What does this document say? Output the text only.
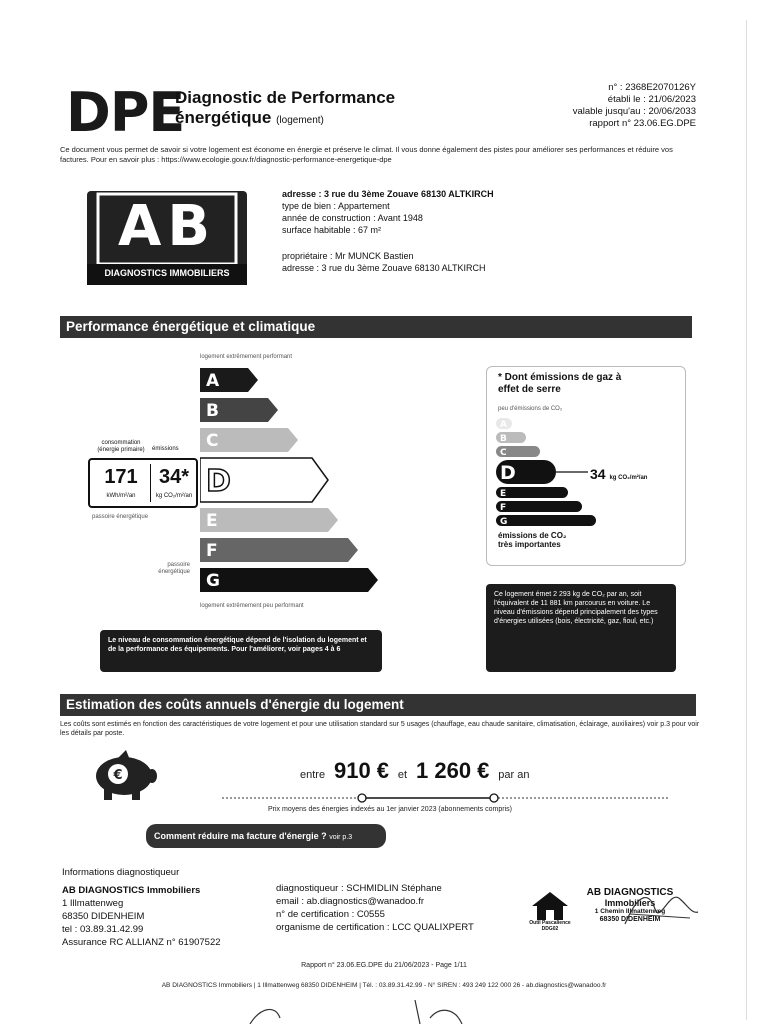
DPE
Diagnostic de Performance
énergétique (logement)
n° : 2368E2070126Y
établi le : 21/06/2023
valable jusqu'au : 20/06/2033
rapport n° 23.06.EG.DPE
Ce document vous permet de savoir si votre logement est économe en énergie et préserve le climat. Il vous donne également des pistes pour améliorer ses performances et réduire vos factures. Pour en savoir plus : https://www.ecologie.gouv.fr/diagnostic-performance-energetique-dpe
AB
DIAGNOSTICS IMMOBILIERS
adresse : 3 rue du 3ème Zouave 68130 ALTKIRCH
type de bien : Appartement
année de construction : Avant 1948
surface habitable : 67 m²
propriétaire : Mr MUNCK Bastien
adresse : 3 rue du 3ème Zouave 68130 ALTKIRCH
Performance énergétique et climatique
logement extrêmement performant
A
B
C
D
E
F
G
consommation (énergie primaire)	émissions
171
kWh/m²/an
34*
kg CO₂/m²/an
passoire énergétique
passoire énergétique
logement extrêmement peu performant
Le niveau de consommation énergétique dépend de l'isolation du logement et de la performance des équipements. Pour l'améliorer, voir pages 4 à 6
* Dont émissions de gaz à effet de serre
peu d'émissions de CO₂
A
B
C
D
E
F
G
34 kg CO₂/m²/an
émissions de CO₂
très importantes
Ce logement émet 2 293 kg de CO₂ par an, soit l'équivalent de 11 881 km parcourus en voiture. Le niveau d'émissions dépend principalement des types d'énergies utilisées (bois, électricité, gaz, fioul, etc.)
Estimation des coûts annuels d'énergie du logement
Les coûts sont estimés en fonction des caractéristiques de votre logement et pour une utilisation standard sur 5 usages (chauffage, eau chaude sanitaire, climatisation, éclairage, auxiliaires) voir p.3 pour voir les détails par poste.
€	entre 910 € et 1 260 € par an
Prix moyens des énergies indexés au 1er janvier 2023 (abonnements compris)
Comment réduire ma facture d'énergie ? voir p.3
Informations diagnostiqueur
AB DIAGNOSTICS Immobiliers
1 Illmattenweg
68350 DIDENHEIM
tel : 03.89.31.42.99
Assurance RC ALLIANZ n° 61907522
diagnostiqueur : SCHMIDLIN Stéphane
email : ab.diagnostics@wanadoo.fr
n° de certification : C0555
organisme de certification : LCC QUALIXPERT	Outil Pascalience DDG02
AB DIAGNOSTICS
Immobiliers
1 Chemin Illmattenweg
68350 DIDENHEIM
Rapport n° 23.06.EG.DPE du 21/06/2023 - Page 1/11
AB DIAGNOSTICS Immobiliers | 1 Illmattenweg 68350 DIDENHEIM | Tél. : 03.89.31.42.99 - N° SIREN : 493 249 122 000 26 - ab.diagnostics@wanadoo.fr
